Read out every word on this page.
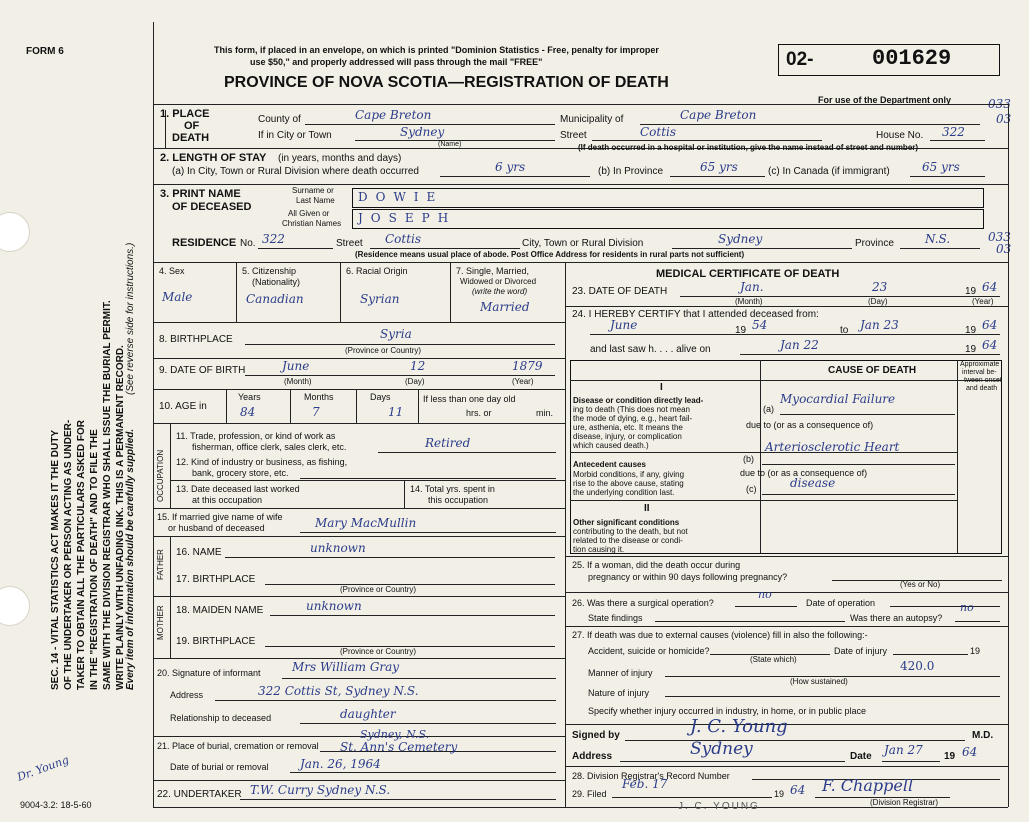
FORM 6	This form, if placed in an envelope, on which is printed "Dominion Statistics - Free, penalty for improper
use $50," and properly addressed will pass through the mail "FREE"
PROVINCE OF NOVA SCOTIA—REGISTRATION OF DEATH
02-	001629
For use of the Department only	033
03
033
03
SEC. 14 - VITAL STATISTICS ACT MAKES IT THE DUTY OF THE UNDERTAKER OR PERSON ACTING AS UNDER- TAKER TO OBTAIN ALL THE PARTICULARS ASKED FOR IN THE "REGISTRATION OF DEATH" AND TO FILE THE SAME WITH THE DIVISION REGISTRAR WHO SHALL ISSUE THE BURIAL PERMIT. WRITE PLAINLY WITH UNFADING INK. THIS IS A PERMANENT RECORD. Every item of information should be carefully supplied.
(See reverse side for instructions.)
1. PLACE
OF
DEATH
County of	Cape Breton	Municipality of	Cape Breton
If in City or Town	Sydney
(Name)
Street	Cottis	House No. 322
(If death occurred in a hospital or institution, give the name instead of street and number)
2. LENGTH OF STAY (in years, months and days)
(a) In City, Town or Rural Division where death occurred	6 yrs	(b) In Province	65 yrs	(c) In Canada (if immigrant)	65 yrs
3. PRINT NAME
OF DECEASED
Surname or
Last Name
All Given or
Christian Names
DOWIE
JOSEPH
RESIDENCE No. 322	Street Cottis	City, Town or Rural Division	Sydney	Province	N.S.
(Residence means usual place of abode. Post Office Address for residents in rural parts not sufficient)
4. Sex
Male
5. Citizenship
(Nationality)
Canadian
6. Racial Origin
Syrian
7. Single, Married,
Widowed or Divorced
(write the word)
Married
8. BIRTHPLACE	Syria
(Province or Country)
9. DATE OF BIRTH	June	12	1879
(Month)	(Day)	(Year)
10. AGE in
Years	Months	Days
84	7	11
If less than one day old
hrs. or	min.
OCCUPATION
11. Trade, profession, or kind of work as
fisherman, office clerk, sales clerk, etc.	Retired
12. Kind of industry or business, as fishing,
bank, grocery store, etc.
13. Date deceased last worked
at this occupation
14. Total yrs. spent in
this occupation
15. If married give name of wife
or husband of deceased	Mary MacMullin
FATHER 16. NAME	unknown
17. BIRTHPLACE
(Province or Country)
MOTHER 18. MAIDEN NAME	unknown
19. BIRTHPLACE
(Province or Country)
20. Signature of informant	Mrs William Gray
Address	322 Cottis St, Sydney N.S.
Relationship to deceased	daughter
Sydney, N.S.
21. Place of burial, cremation or removal St. Ann's Cemetery
Date of burial or removal	Jan. 26, 1964
22. UNDERTAKER T.W. Curry Sydney N.S.
MEDICAL CERTIFICATE OF DEATH
23. DATE OF DEATH	Jan.	23	19 64
(Month)	(Day)	(Year)
24. I HEREBY CERTIFY that I attended deceased from:
June	19 54	to Jan 23	19 64
and last saw h. . . . alive on	Jan 22	19 64
CAUSE OF DEATH
Approximate
interval be-
tween onset
and death
I
Disease or condition directly lead-
ing to death (This does not mean
the mode of dying, e.g., heart fail-
ure, asthenia, etc. It means the
disease, injury, or complication
which caused death.)
(a)
Myocardial Failure
due to (or as a consequence of)
Antecedent causes
Morbid conditions, if any, giving
rise to the above cause, stating
the underlying condition last.
(b)
Arteriosclerotic Heart
due to (or as a consequence of)
(c)	disease
II
Other significant conditions
contributing to the death, but not
related to the disease or condi-
tion causing it.
25. If a woman, did the death occur during
pregnancy or within 90 days following pregnancy?
(Yes or No)
26. Was there a surgical operation?
no
Date of operation
State findings	Was there an autopsy?
no
27. If death was due to external causes (violence) fill in also the following:-
Accident, suicide or homicide?
(State which)
Date of injury	19
Manner of injury	420.0
(How sustained)
Nature of injury
Specify whether injury occurred in industry, in home, or in public place
Signed by	J. C. Young	M.D.
Address	Sydney	Date Jan 27 19 64
28. Division Registrar's Record Number
29. Filed
Feb. 17
19 64 F. Chappell
(Division Registrar)
J. C. YOUNG
9004-3.2: 18-5-60
Dr. Young
